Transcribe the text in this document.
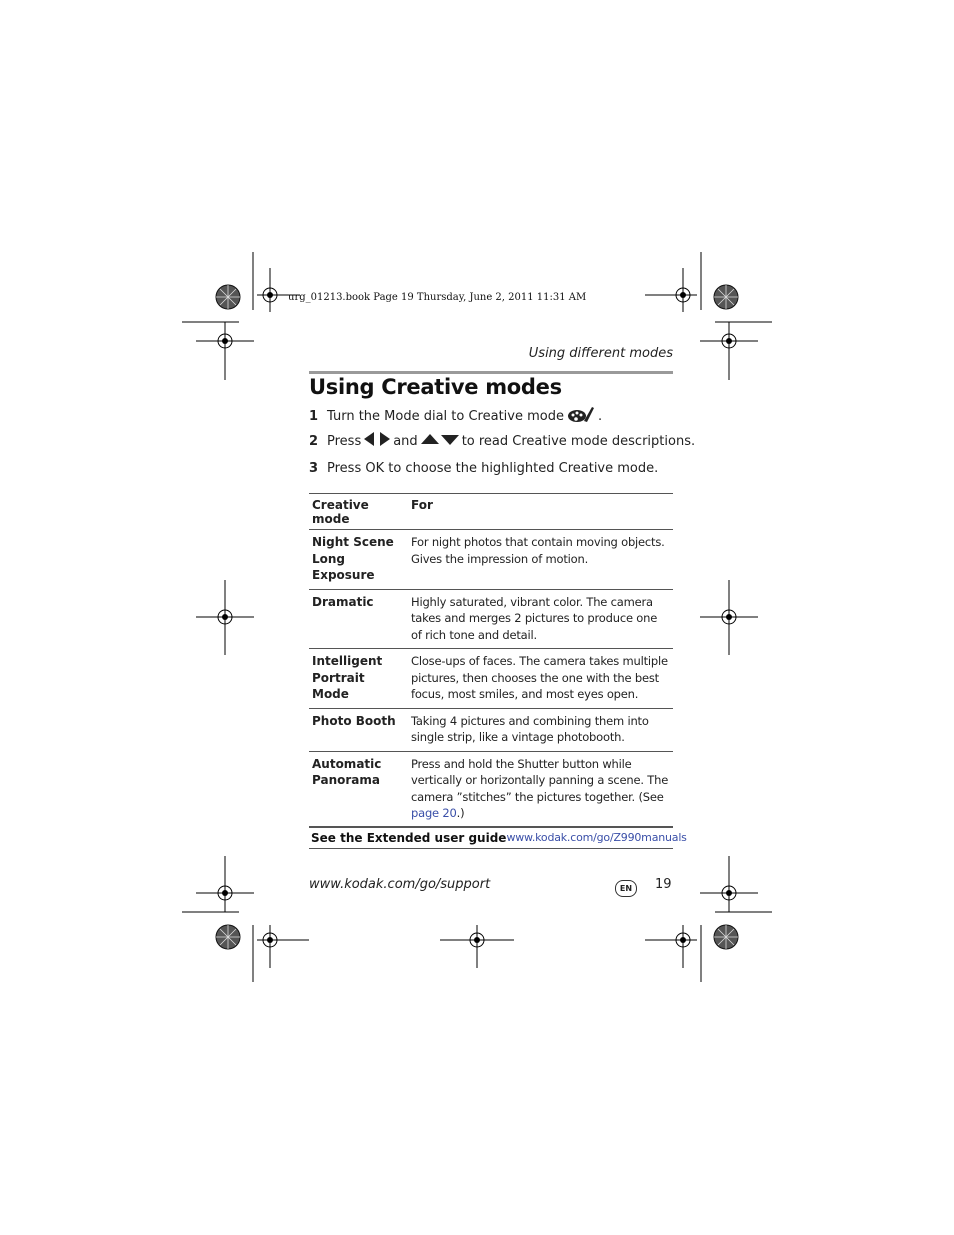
urg_01213.book Page 19 Thursday, June 2, 2011 11:31 AM
Using different modes
Using Creative modes
1 Turn the Mode dial to Creative mode	.
2 Press and	to read Creative mode descriptions.
3 Press OK to choose the highlighted Creative mode.
Creative mode	For

Night Scene
Long Exposure	For night photos that contain moving objects. Gives the impression of motion.

Dramatic	Highly saturated, vibrant color. The camera takes and merges 2 pictures to produce one of rich tone and detail.

Intelligent
Portrait Mode	Close-ups of faces. The camera takes multiple pictures, then chooses the one with the best focus, most smiles, and most eyes open.

Photo Booth	Taking 4 pictures and combining them into single strip, like a vintage photobooth.

Automatic
Panorama	Press and hold the Shutter button while vertically or horizontally panning a scene. The camera ”stitches” the pictures together. (See page 20.)
See the Extended user guide www.kodak.com/go/Z990manuals
www.kodak.com/go/support	EN	19
